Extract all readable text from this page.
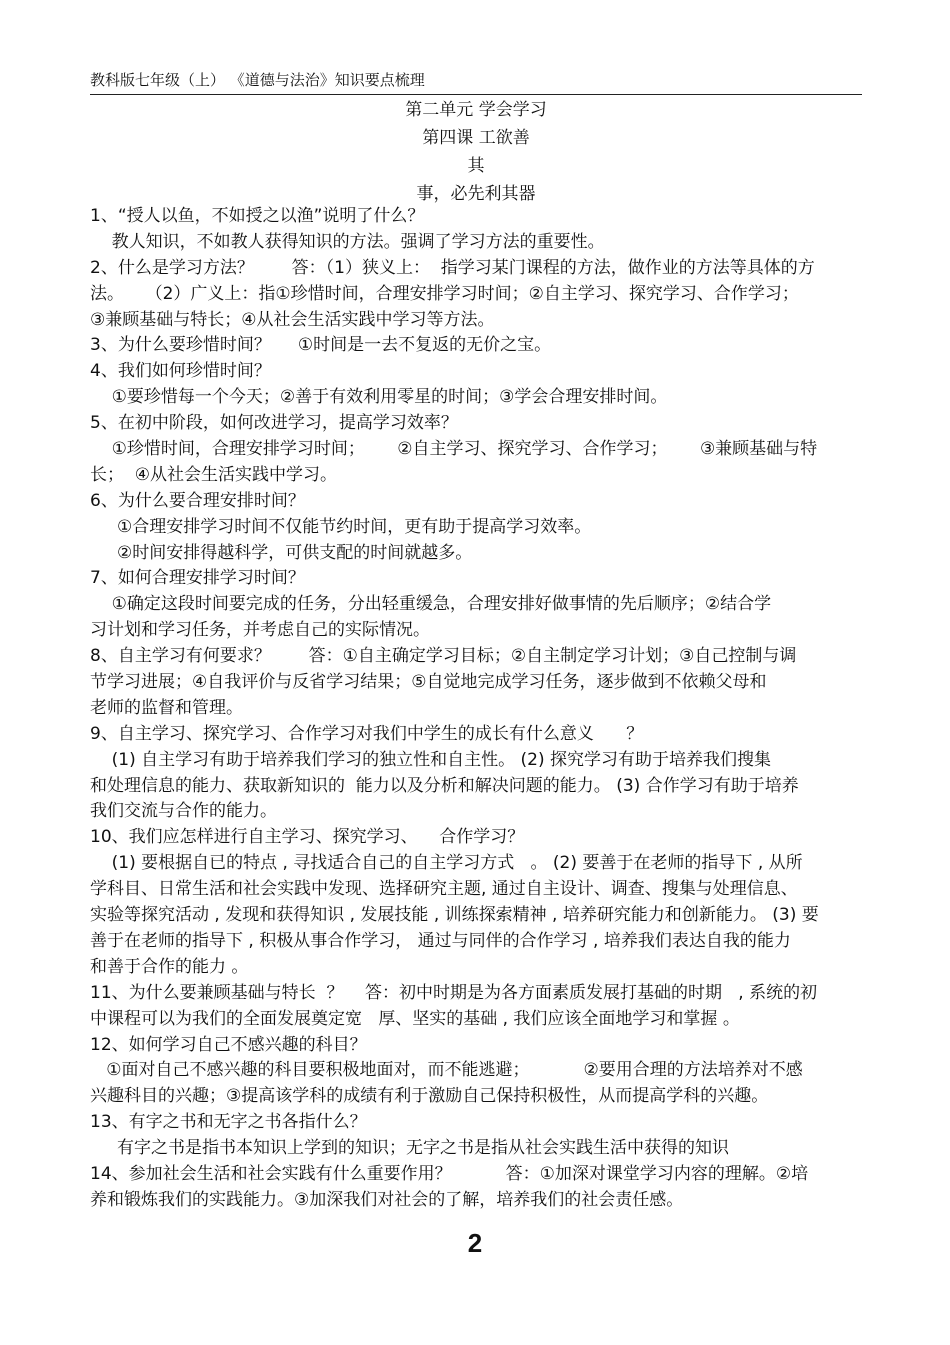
教科版七年级（上） 《道德与法治》知识要点梳理
第二单元 学会学习
第四课 工欲善
其
事，必先利其器
1、“授人以鱼，不如授之以渔”说明了什么？
教人知识，不如教人获得知识的方法。强调了学习方法的重要性。
2、什么是学习方法？       答：（1）狭义上：  指学习某门课程的方法，做作业的方法等具体的方
法。    （2）广义上：指①珍惜时间，合理安排学习时间；②自主学习、探究学习、合作学习；
③兼顾基础与特长；④从社会生活实践中学习等方法。
3、为什么要珍惜时间？     ①时间是一去不复返的无价之宝。
4、我们如何珍惜时间？
①要珍惜每一个今天；②善于有效利用零星的时间；③学会合理安排时间。
5、在初中阶段，如何改进学习，提高学习效率？
①珍惜时间，合理安排学习时间；      ②自主学习、探究学习、合作学习；      ③兼顾基础与特
长；  ④从社会生活实践中学习。
6、为什么要合理安排时间？
①合理安排学习时间不仅能节约时间，更有助于提高学习效率。
②时间安排得越科学，可供支配的时间就越多。
7、如何合理安排学习时间？
①确定这段时间要完成的任务，分出轻重缓急，合理安排好做事情的先后顺序；②结合学
习计划和学习任务，并考虑自己的实际情况。
8、自主学习有何要求？       答：①自主确定学习目标；②自主制定学习计划；③自己控制与调
节学习进展；④自我评价与反省学习结果；⑤自觉地完成学习任务，逐步做到不依赖父母和
老师的监督和管理。
9、自主学习、探究学习、合作学习对我们中学生的成长有什么意义      ？
(1) 自主学习有助于培养我们学习的独立性和自主性。 (2) 探究学习有助于培养我们搜集
和处理信息的能力、获取新知识的  能力以及分析和解决问题的能力。 (3) 合作学习有助于培养
我们交流与合作的能力。
10、我们应怎样进行自主学习、探究学习、    合作学习？
(1) 要根据自已的特点 , 寻找适合自己的自主学习方式   。 (2) 要善于在老师的指导下 , 从所
学科目、日常生活和社会实践中发现、选择研究主题, 通过自主设计、调查、搜集与处理信息、
实验等探究活动 , 发现和获得知识 , 发展技能 , 训练探索精神 , 培养研究能力和创新能力。 (3) 要
善于在老师的指导下 , 积极从事合作学习， 通过与同伴的合作学习 , 培养我们表达自我的能力
和善于合作的能力 。
11、为什么要兼顾基础与特长  ？    答：初中时期是为各方面素质发展打基础的时期   , 系统的初
中课程可以为我们的全面发展奠定宽   厚、坚实的基础 , 我们应该全面地学习和掌握 。
12、如何学习自己不感兴趣的科目？
①面对自己不感兴趣的科目要积极地面对，而不能逃避；          ②要用合理的方法培养对不感
兴趣科目的兴趣；③提高该学科的成绩有利于激励自己保持积极性，从而提高学科的兴趣。
13、有字之书和无字之书各指什么？
有字之书是指书本知识上学到的知识；无字之书是指从社会实践生活中获得的知识
14、参加社会生活和社会实践有什么重要作用？          答：①加深对课堂学习内容的理解。②培
养和锻炼我们的实践能力。③加深我们对社会的了解，培养我们的社会责任感。
2
